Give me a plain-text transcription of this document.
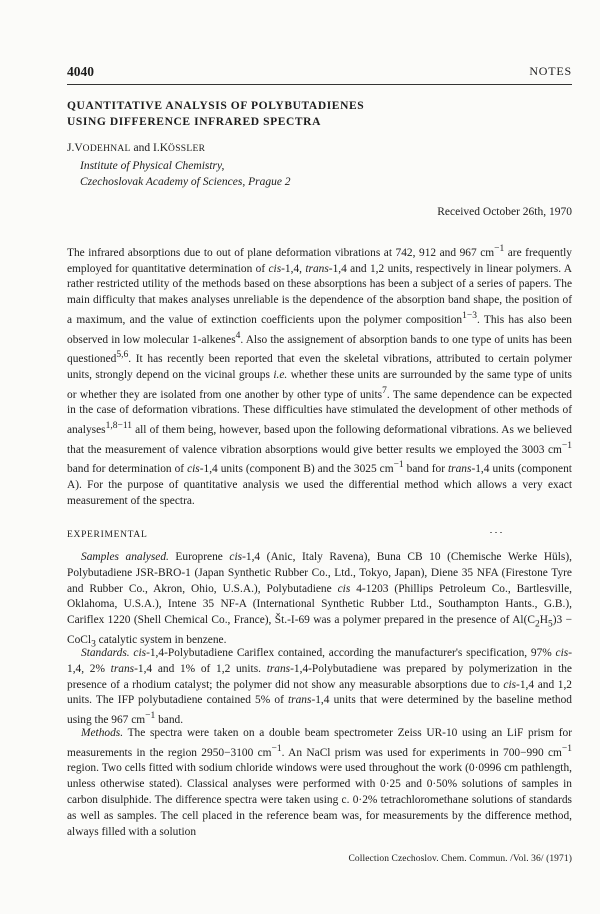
4040	NOTES
QUANTITATIVE ANALYSIS OF POLYBUTADIENES
USING DIFFERENCE INFRARED SPECTRA
J.VODEHNAL and I.KÖSSLER
Institute of Physical Chemistry,
Czechoslovak Academy of Sciences, Prague 2
Received October 26th, 1970

The infrared absorptions due to out of plane deformation vibrations at 742, 912 and 967 $cm^{-1}$ are frequently employed for quantitative determination of cis-1,4, trans-1,4 and 1,2 units, respectively in linear polymers. A rather restricted utility of the methods based on these absorptions has been a subject of a series of papers. The main difficulty that makes analyses unreliable is the dependence of the absorption band shape, the position of a maximum, and the value of extinction coefficients upon the polymer composition$^{1-3}$. This has also been observed in low molecular 1-alkenes$^4$. Also the assignement of absorption bands to one type of units has been questioned$^{5,6}$. It has recently been reported that even the skeletal vibrations, attributed to certain polymer units, strongly depend on the vicinal groups i.e. whether these units are surrounded by the same type of units or whether they are isolated from one another by other type of units$^7$. The same dependence can be expected in the case of deformation vibrations. These difficulties have stimulated the development of other methods of analyses$^{1,8-11}$ all of them being, however, based upon the following deformational vibrations. As we believed that the measurement of valence vibration absorptions would give better results we employed the 3003 $cm^{-1}$ band for determination of cis-1,4 units (component B) and the 3025 $cm^{-1}$ band for trans-1,4 units (component A). For the purpose of quantitative analysis we used the differential method which allows a very exact measurement of the spectra.

EXPERIMENTAL

Samples analysed. Europrene cis-1,4 (Anic, Italy Ravena), Buna CB 10 (Chemische Werke Hüls), Polybutadiene JSR-BRO-1 (Japan Synthetic Rubber Co., Ltd., Tokyo, Japan), Diene 35 NFA (Firestone Tyre and Rubber Co., Akron, Ohio, U.S.A.), Polybutadiene cis 4-1203 (Phillips Petroleum Co., Bartlesville, Oklahoma, U.S.A.), Intene 35 NF-A (International Synthetic Rubber Ltd., Southampton Hants., G.B.), Cariflex 1220 (Shell Chemical Co., France), Št.-I-69 was a polymer prepared in the presence of $Al(C_2H_5)3$ − CoCl$_3$ catalytic system in benzene.

Standards. cis-1,4-Polybutadiene Cariflex contained, according the manufacturer's specification, 97% cis-1,4, 2% trans-1,4 and 1% of 1,2 units. trans-1,4-Polybutadiene was prepared by polymerization in the presence of a rhodium catalyst; the polymer did not show any measurable absorptions due to cis-1,4 and 1,2 units. The IFP polybutadiene contained 5% of trans-1,4 units that were determined by the baseline method using the 967 $cm^{-1}$ band.

Methods. The spectra were taken on a double beam spectrometer Zeiss UR-10 using an LiF prism for measurements in the region 2950−3100 $cm^{-1}$. An NaCl prism was used for experiments in 700−990 $cm^{-1}$ region. Two cells fitted with sodium chloride windows were used throughout the work (0·0996 cm pathlength, unless otherwise stated). Classical analyses were performed with 0·25 and 0·50% solutions of samples in carbon disulphide. The difference spectra were taken using c. 0·2% tetrachloromethane solutions of standards as well as samples. The cell placed in the reference beam was, for measurements by the difference method, always filled with a solution

Collection Czechoslov. Chem. Commun. /Vol. 36/ (1971)
